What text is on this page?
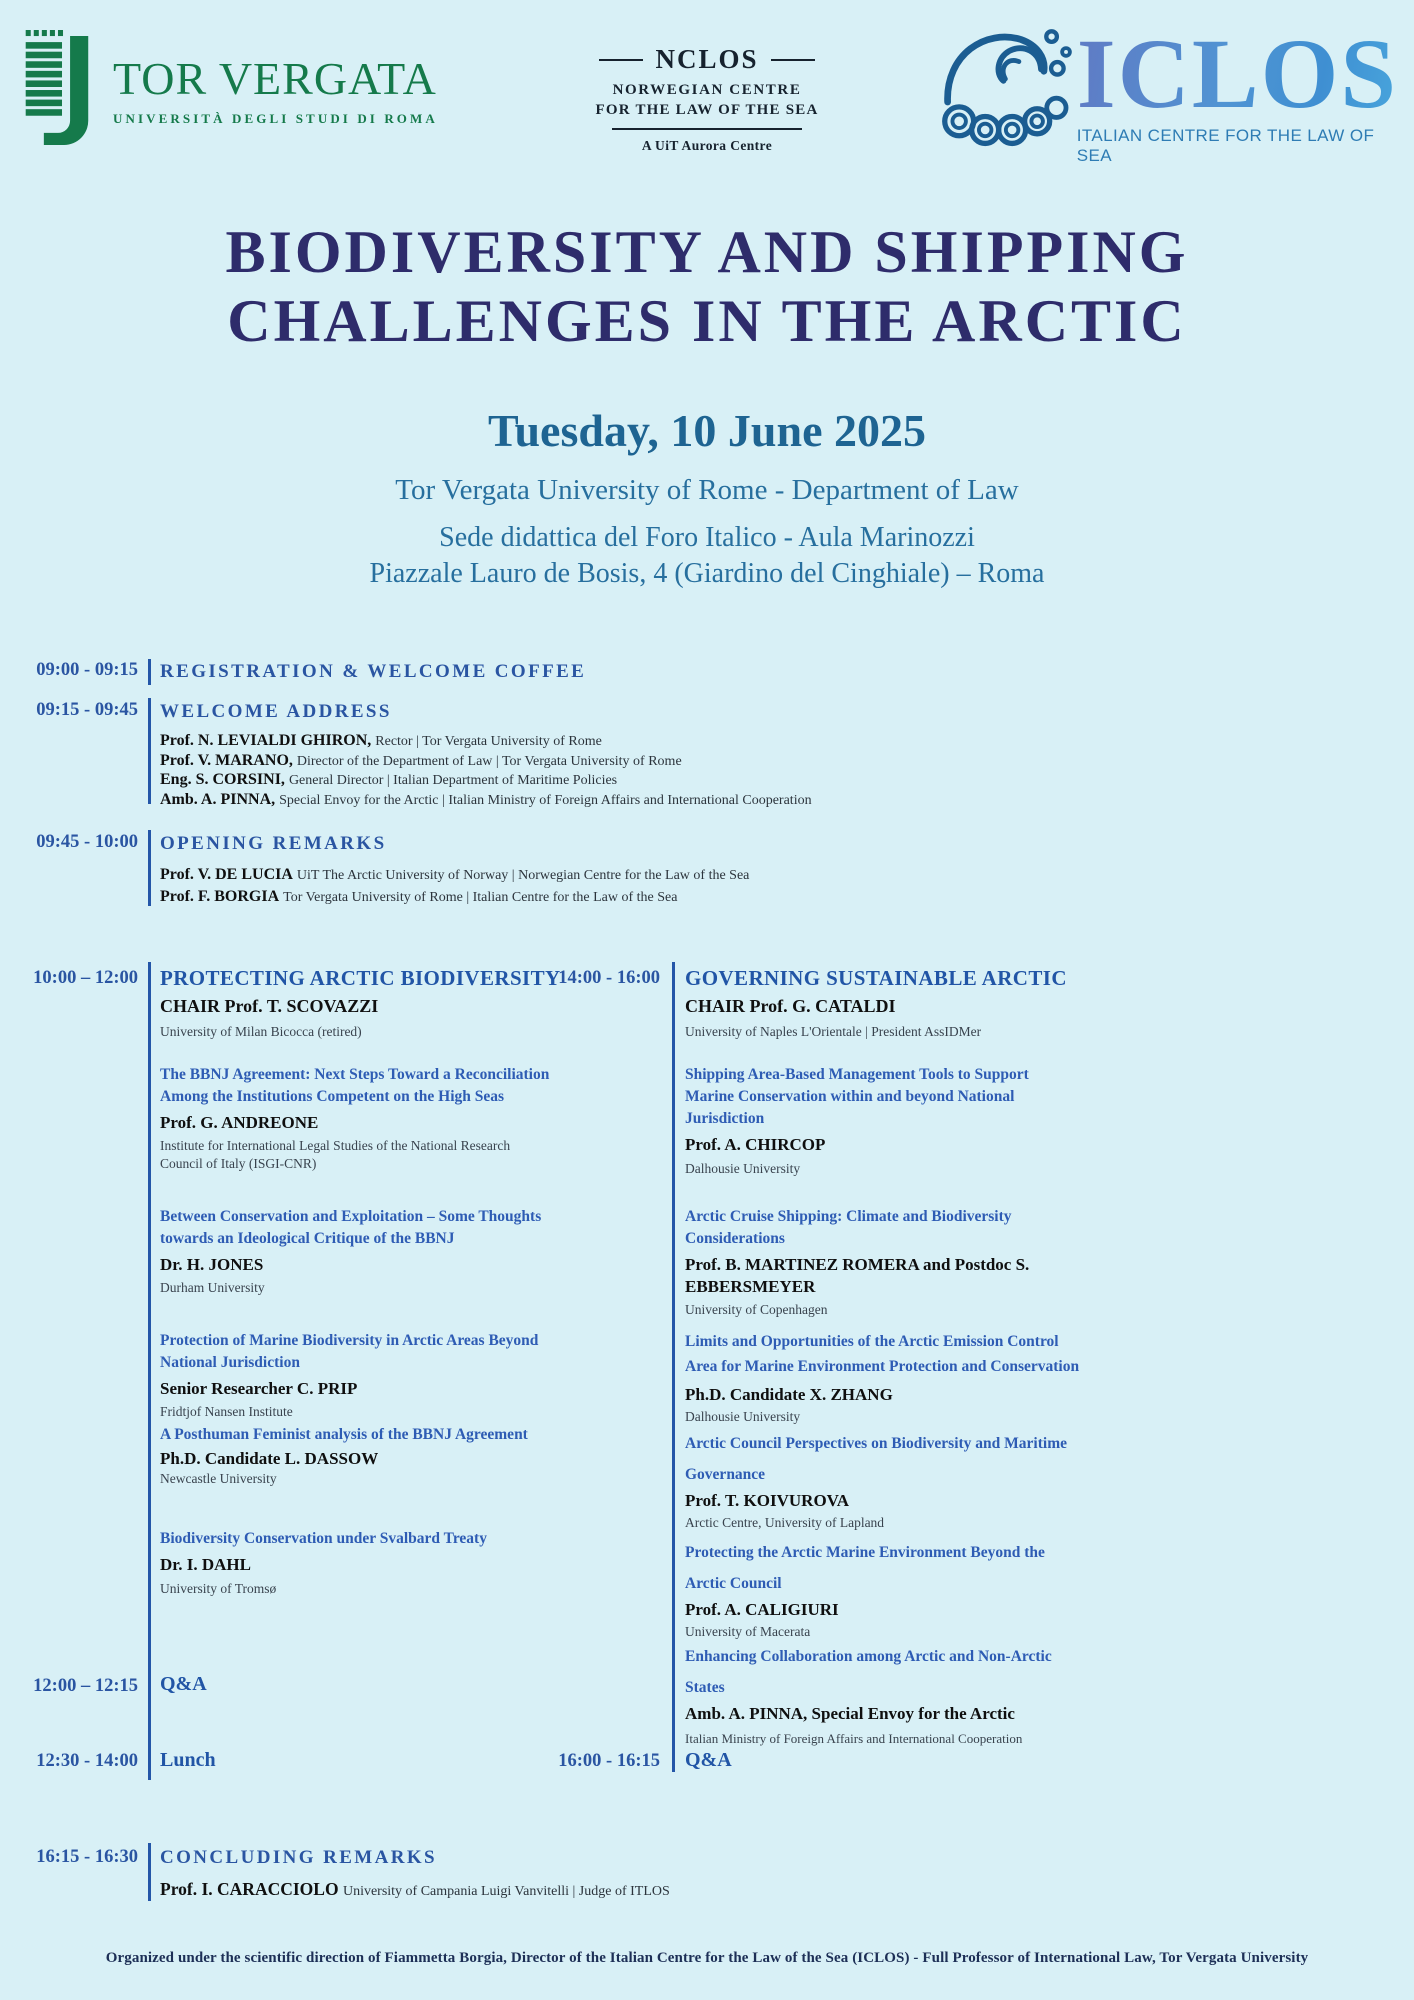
TOR VERGATA
UNIVERSITÀ DEGLI STUDI DI ROMA
NCLOS
NORWEGIAN CENTRE
FOR THE LAW OF THE SEA
A UiT Aurora Centre
ICLOS
ITALIAN CENTRE FOR THE LAW OF SEA
BIODIVERSITY AND SHIPPING
CHALLENGES IN THE ARCTIC
Tuesday, 10 June 2025
Tor Vergata University of Rome - Department of Law
Sede didattica del Foro Italico - Aula Marinozzi
Piazzale Lauro de Bosis, 4 (Giardino del Cinghiale) – Roma
09:00 - 09:15 REGISTRATION & WELCOME COFFEE
09:15 - 09:45 WELCOME ADDRESS
Prof. N. LEVIALDI GHIRON, Rector | Tor Vergata University of Rome
Prof. V. MARANO, Director of the Department of Law | Tor Vergata University of Rome
Eng. S. CORSINI, General Director | Italian Department of Maritime Policies
Amb. A. PINNA, Special Envoy for the Arctic | Italian Ministry of Foreign Affairs and International Cooperation
09:45 - 10:00 OPENING REMARKS
Prof. V. DE LUCIA UiT The Arctic University of Norway | Norwegian Centre for the Law of the Sea
Prof. F. BORGIA Tor Vergata University of Rome | Italian Centre for the Law of the Sea
10:00 – 12:00 PROTECTING ARCTIC BIODIVERSITY
CHAIR Prof. T. SCOVAZZI
University of Milan Bicocca (retired)
The BBNJ Agreement: Next Steps Toward a Reconciliation Among the Institutions Competent on the High Seas
Prof. G. ANDREONE
Institute for International Legal Studies of the National Research Council of Italy (ISGI-CNR)
Between Conservation and Exploitation – Some Thoughts towards an Ideological Critique of the BBNJ
Dr. H. JONES
Durham University
Protection of Marine Biodiversity in Arctic Areas Beyond National Jurisdiction
Senior Researcher C. PRIP
Fridtjof Nansen Institute
A Posthuman Feminist analysis of the BBNJ Agreement
Ph.D. Candidate L. DASSOW
Newcastle University
Biodiversity Conservation under Svalbard Treaty
Dr. I. DAHL
University of Tromsø
12:00 – 12:15 Q&A
12:30 - 14:00 Lunch
14:00 - 16:00 GOVERNING SUSTAINABLE ARCTIC
CHAIR Prof. G. CATALDI
University of Naples L'Orientale | President AssIDMer
Shipping Area-Based Management Tools to Support Marine Conservation within and beyond National Jurisdiction
Prof. A. CHIRCOP
Dalhousie University
Arctic Cruise Shipping: Climate and Biodiversity Considerations
Prof. B. MARTINEZ ROMERA and Postdoc S. EBBERSMEYER
University of Copenhagen
Limits and Opportunities of the Arctic Emission Control Area for Marine Environment Protection and Conservation
Ph.D. Candidate X. ZHANG
Dalhousie University
Arctic Council Perspectives on Biodiversity and Maritime Governance
Prof. T. KOIVUROVA
Arctic Centre, University of Lapland
Protecting the Arctic Marine Environment Beyond the Arctic Council
Prof. A. CALIGIURI
University of Macerata
Enhancing Collaboration among Arctic and Non-Arctic States
Amb. A. PINNA, Special Envoy for the Arctic
Italian Ministry of Foreign Affairs and International Cooperation
16:00 - 16:15 Q&A
16:15 - 16:30 CONCLUDING REMARKS
Prof. I. CARACCIOLO University of Campania Luigi Vanvitelli | Judge of ITLOS
Organized under the scientific direction of Fiammetta Borgia, Director of the Italian Centre for the Law of the Sea (ICLOS) - Full Professor of International Law, Tor Vergata University
